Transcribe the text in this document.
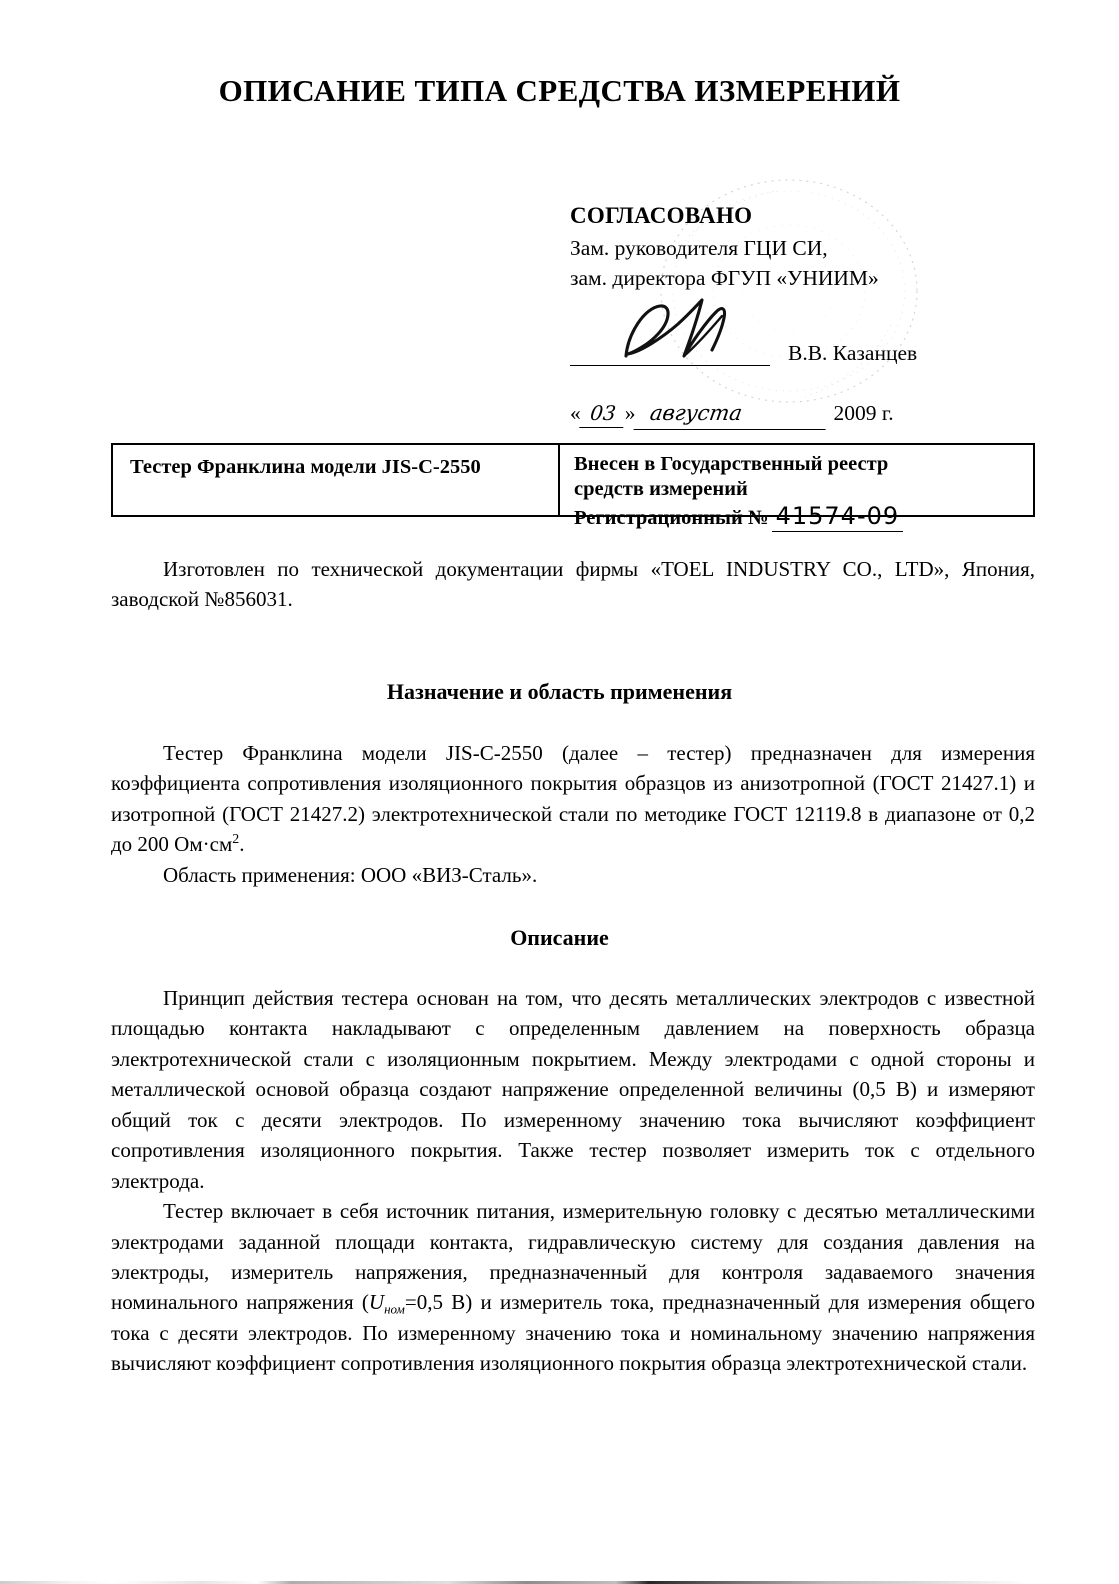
ОПИСАНИЕ ТИПА СРЕДСТВА ИЗМЕРЕНИЙ
СОГЛАСОВАНО
Зам. руководителя ГЦИ СИ,
зам. директора ФГУП «УНИИМ»
В.В. Казанцев
« 03 » августа	2009 г.
Тестер Франклина модели JIS-C-2550	Внесен в Государственный реестр
средств измерений
Регистрационный № 41574-09

Изготовлен по технической документации фирмы «TOEL INDUSTRY CO., LTD», Япония, заводской №856031.

Назначение и область применения

Тестер Франклина модели JIS-C-2550 (далее – тестер) предназначен для измерения коэффициента сопротивления изоляционного покрытия образцов из анизотропной (ГОСТ 21427.1) и изотропной (ГОСТ 21427.2) электротехнической стали по методике ГОСТ 12119.8 в диапазоне от 0,2 до 200 $Ом\cdot см^2$.

Область применения: ООО «ВИЗ-Сталь».

Описание

Принцип действия тестера основан на том, что десять металлических электродов с известной площадью контакта накладывают с определенным давлением на поверхность образца электротехнической стали с изоляционным покрытием. Между электродами с одной стороны и металлической основой образца создают напряжение определенной величины (0,5 В) и измеряют общий ток с десяти электродов. По измеренному значению тока вычисляют коэффициент сопротивления изоляционного покрытия. Также тестер позволяет измерить ток с отдельного электрода.

Тестер включает в себя источник питания, измерительную головку с десятью металлическими электродами заданной площади контакта, гидравлическую систему для создания давления на электроды, измеритель напряжения, предназначенный для контроля задаваемого значения номинального напряжения ($U_{ном}=0,5$ В) и измеритель тока, предназначенный для измерения общего тока с десяти электродов. По измеренному значению тока и номинальному значению напряжения вычисляют коэффициент сопротивления изоляционного покрытия образца электротехнической стали.
